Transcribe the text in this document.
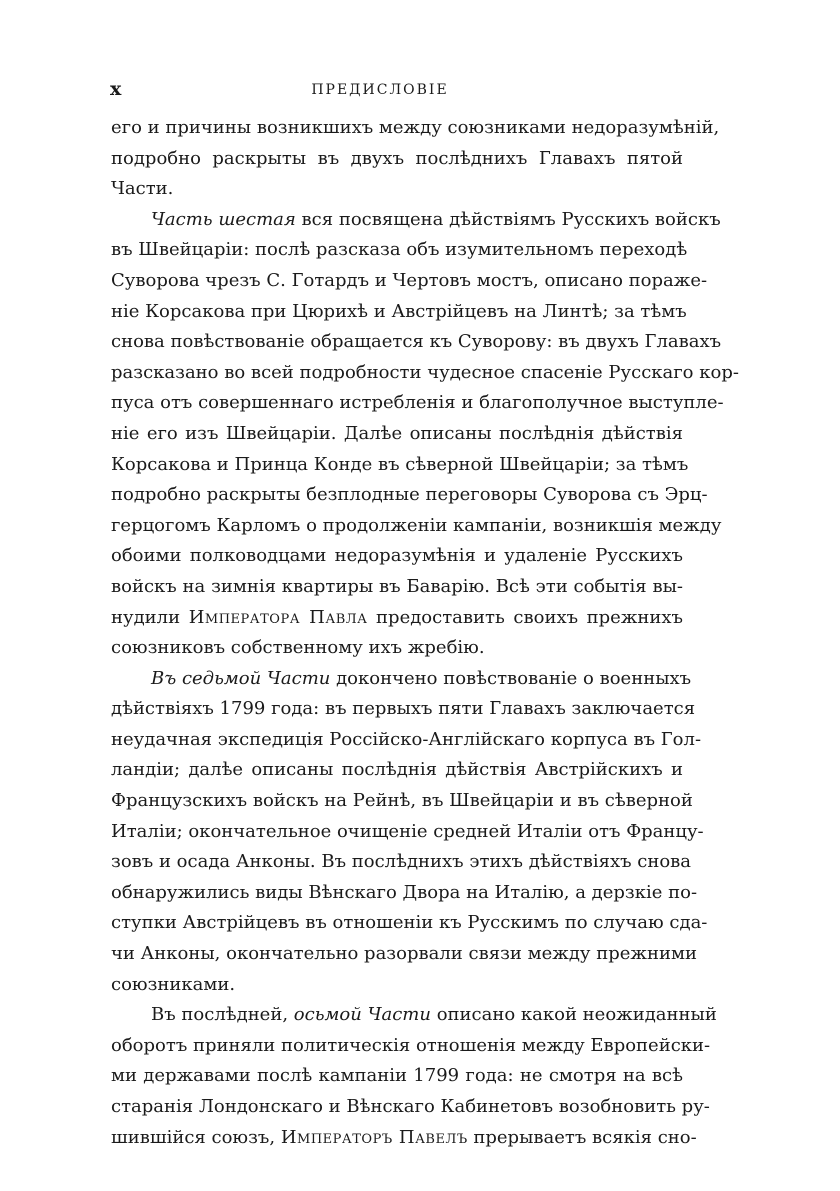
x	ПРЕДИСЛОВІЕ
его и причины возникшихъ между союзниками недоразумѣній,
подробно раскрыты въ двухъ послѣднихъ Главахъ пятой
Части.
Часть шестая вся посвящена дѣйствіямъ Русскихъ войскъ
въ Швейцаріи: послѣ разсказа объ изумительномъ переходѣ
Суворова чрезъ С. Готардъ и Чертовъ мостъ, описано пораже-
ніе Корсакова при Цюрихѣ и Австрійцевъ на Линтѣ; за тѣмъ
снова повѣствованіе обращается къ Суворову: въ двухъ Главахъ
разсказано во всей подробности чудесное спасеніе Русскаго кор-
пуса отъ совершеннаго истребленія и благополучное выступле-
ніе его изъ Швейцаріи. Далѣе описаны послѣднія дѣйствія
Корсакова и Принца Конде въ сѣверной Швейцаріи; за тѣмъ
подробно раскрыты безплодные переговоры Суворова съ Эрц-
герцогомъ Карломъ о продолженіи кампаніи, возникшія между
обоими полководцами недоразумѣнія и удаленіе Русскихъ
войскъ на зимнія квартиры въ Баварію. Всѣ эти событія вы-
нудили Императора Павла предоставить своихъ прежнихъ
союзниковъ собственному ихъ жребію.
Въ седьмой Части докончено повѣствованіе о военныхъ
дѣйствіяхъ 1799 года: въ первыхъ пяти Главахъ заключается
неудачная экспедиція Россійско-Англійскаго корпуса въ Гол-
ландіи; далѣе описаны послѣднія дѣйствія Австрійскихъ и
Французскихъ войскъ на Рейнѣ, въ Швейцаріи и въ сѣверной
Италіи; окончательное очищеніе средней Италіи отъ Францу-
зовъ и осада Анконы. Въ послѣднихъ этихъ дѣйствіяхъ снова
обнаружились виды Вѣнскаго Двора на Италію, а дерзкіе по-
ступки Австрійцевъ въ отношеніи къ Русскимъ по случаю сда-
чи Анконы, окончательно разорвали связи между прежними
союзниками.
Въ послѣдней, осьмой Части описано какой неожиданный
оборотъ приняли политическія отношенія между Европейски-
ми державами послѣ кампаніи 1799 года: не смотря на всѣ
старанія Лондонскаго и Вѣнскаго Кабинетовъ возобновить ру-
шившійся союзъ, Императоръ Павелъ прерываетъ всякія сно-
